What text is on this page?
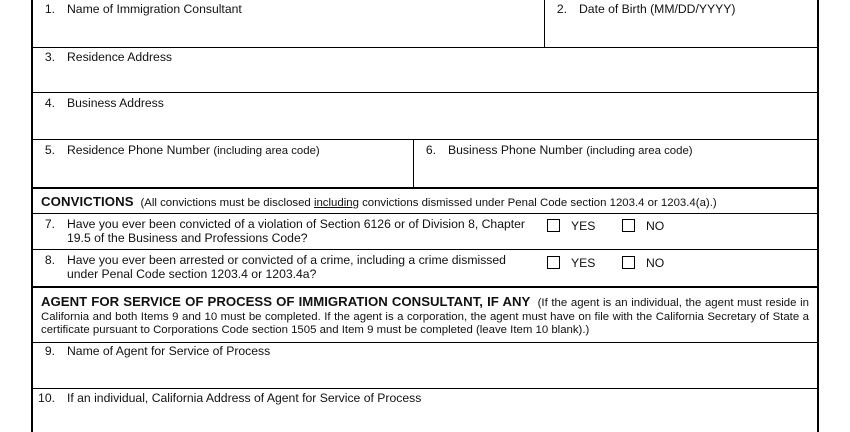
1. Name of Immigration Consultant	2. Date of Birth (MM/DD/YYYY)
3. Residence Address
4. Business Address
5. Residence Phone Number (including area code)	6. Business Phone Number (including area code)
CONVICTIONS (All convictions must be disclosed including convictions dismissed under Penal Code section 1203.4 or 1203.4(a).)
7. Have you ever been convicted of a violation of Section 6126 or of Division 8, Chapter
19.5 of the Business and Professions Code?
YES	NO
8. Have you ever been arrested or convicted of a crime, including a crime dismissed
under Penal Code section 1203.4 or 1203.4a?
YES	NO
AGENT FOR SERVICE OF PROCESS OF IMMIGRATION CONSULTANT, IF ANY (If the agent is an individual, the agent must reside in California and both Items 9 and 10 must be completed. If the agent is a corporation, the agent must have on file with the California Secretary of State a certificate pursuant to Corporations Code section 1505 and Item 9 must be completed (leave Item 10 blank).)
9. Name of Agent for Service of Process
10. If an individual, California Address of Agent for Service of Process
